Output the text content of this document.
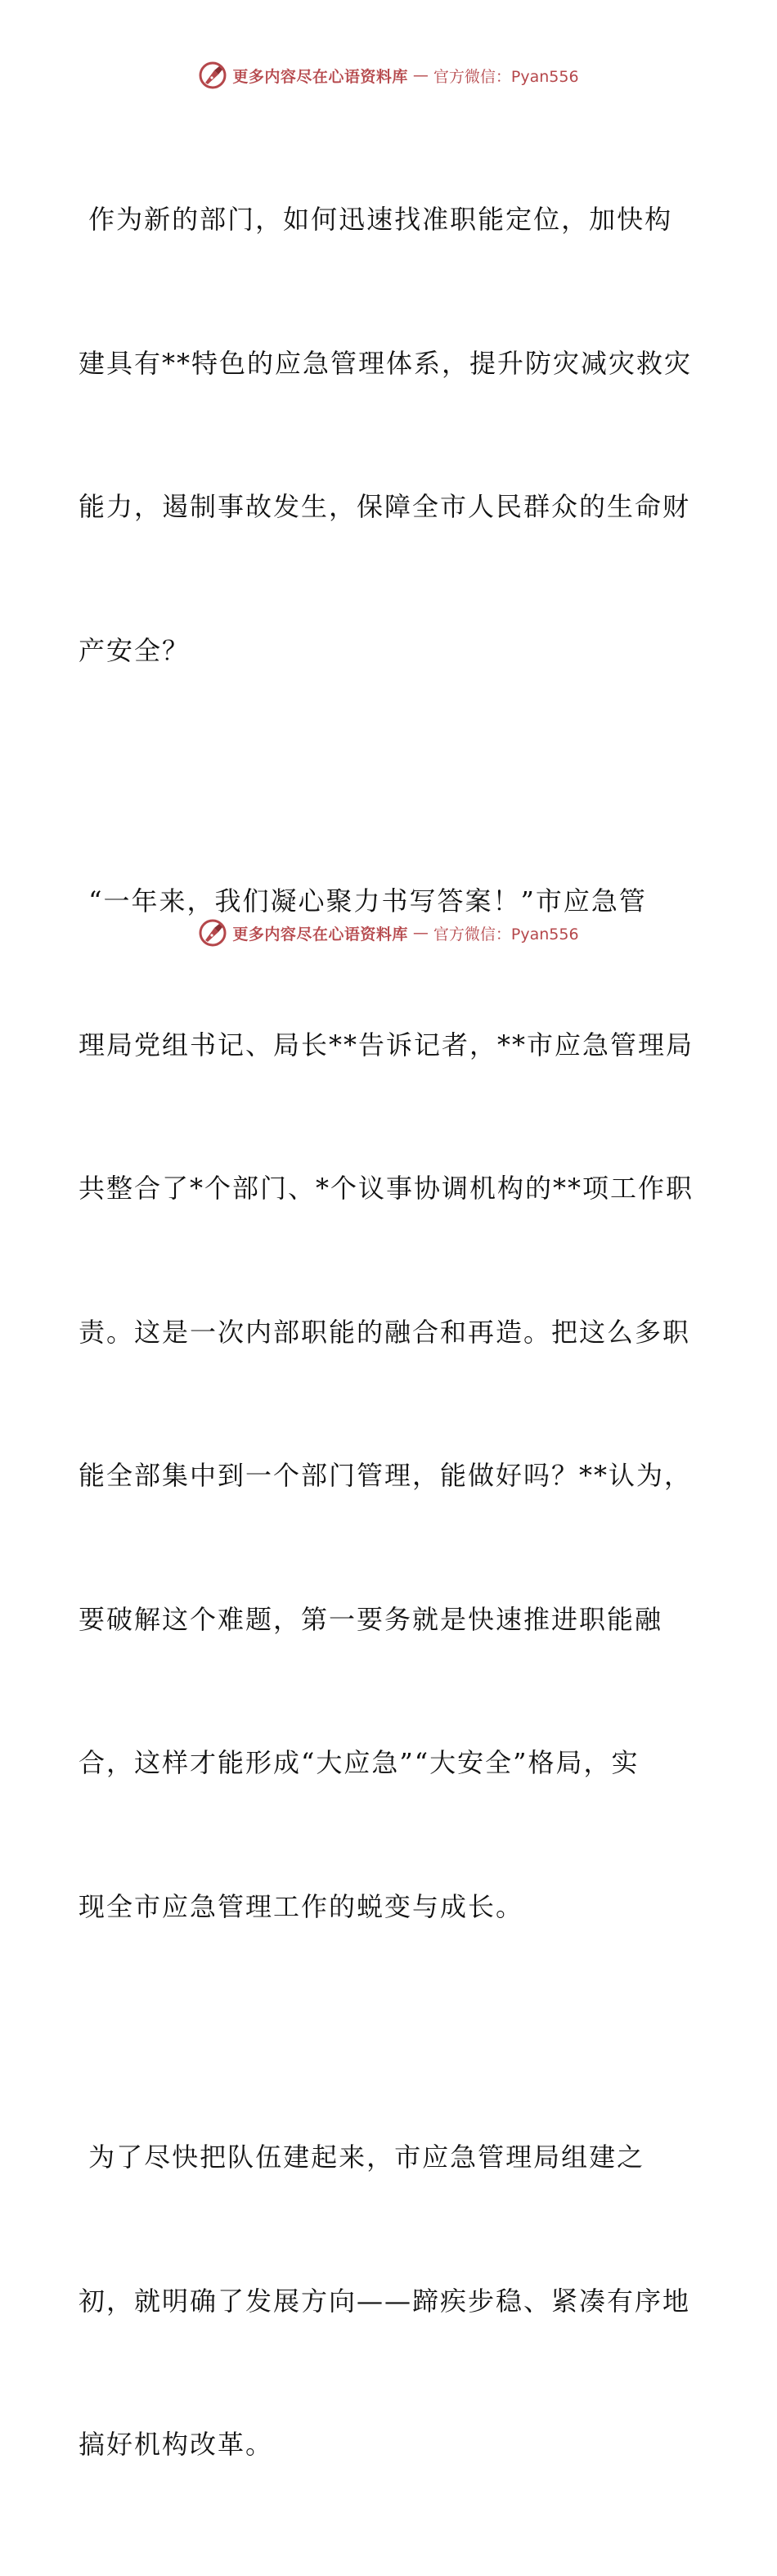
更多内容尽在心语资料库 — 官方微信：Pyan556

作为新的部门，如何迅速找准职能定位，加快构

建具有**特色的应急管理体系，提升防灾减灾救灾

能力，遏制事故发生，保障全市人民群众的生命财

产安全？

“一年来，我们凝心聚力书写答案！”市应急管

理局党组书记、局长**告诉记者，**市应急管理局

共整合了*个部门、*个议事协调机构的**项工作职

责。这是一次内部职能的融合和再造。把这么多职

能全部集中到一个部门管理，能做好吗？**认为，

要破解这个难题，第一要务就是快速推进职能融

合，这样才能形成“大应急”“大安全”格局，实

现全市应急管理工作的蜕变与成长。

为了尽快把队伍建起来，市应急管理局组建之

初，就明确了发展方向——蹄疾步稳、紧凑有序地

搞好机构改革。

更多内容尽在心语资料库 — 官方微信：Pyan556
